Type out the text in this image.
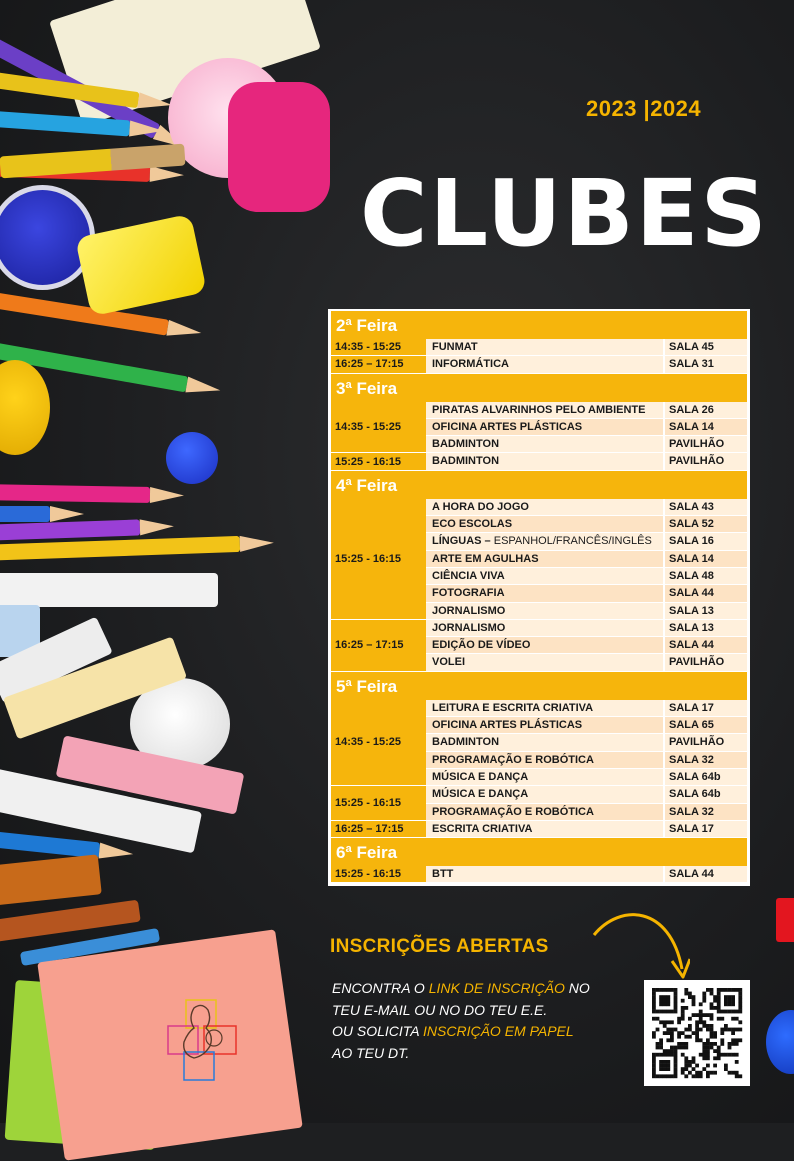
2023 |2024
CLUBES
2ª Feira
14:35 - 15:25	FUNMAT	SALA 45
16:25 – 17:15	INFORMÁTICA	SALA 31
3ª Feira
14:35 - 15:25
PIRATAS ALVARINHOS PELO AMBIENTE	SALA 26
OFICINA ARTES PLÁSTICAS	SALA 14
BADMINTON	PAVILHÃO
15:25 - 16:15	BADMINTON	PAVILHÃO
4ª Feira
15:25 - 16:15
A HORA DO JOGO	SALA 43
ECO ESCOLAS	SALA 52
LÍNGUAS – ESPANHOL/FRANCÊS/INGLÊS	SALA 16
ARTE EM AGULHAS	SALA 14
CIÊNCIA VIVA	SALA 48
FOTOGRAFIA	SALA 44
JORNALISMO	SALA 13
16:25 – 17:15
JORNALISMO	SALA 13
EDIÇÃO DE VÍDEO	SALA 44
VOLEI	PAVILHÃO
5ª Feira
14:35 - 15:25
LEITURA E ESCRITA CRIATIVA	SALA 17
OFICINA ARTES PLÁSTICAS	SALA 65
BADMINTON	PAVILHÃO
PROGRAMAÇÃO E ROBÓTICA	SALA 32
MÚSICA E DANÇA	SALA 64b
15:25 - 16:15
MÚSICA E DANÇA	SALA 64b
PROGRAMAÇÃO E ROBÓTICA	SALA 32
16:25 – 17:15	ESCRITA CRIATIVA	SALA 17
6ª Feira
15:25 - 16:15	BTT	SALA 44
INSCRIÇÕES ABERTAS
ENCONTRA O LINK DE INSCRIÇÃO NO
TEU E-MAIL OU NO DO TEU E.E.
OU SOLICITA INSCRIÇÃO EM PAPEL
AO TEU DT.
